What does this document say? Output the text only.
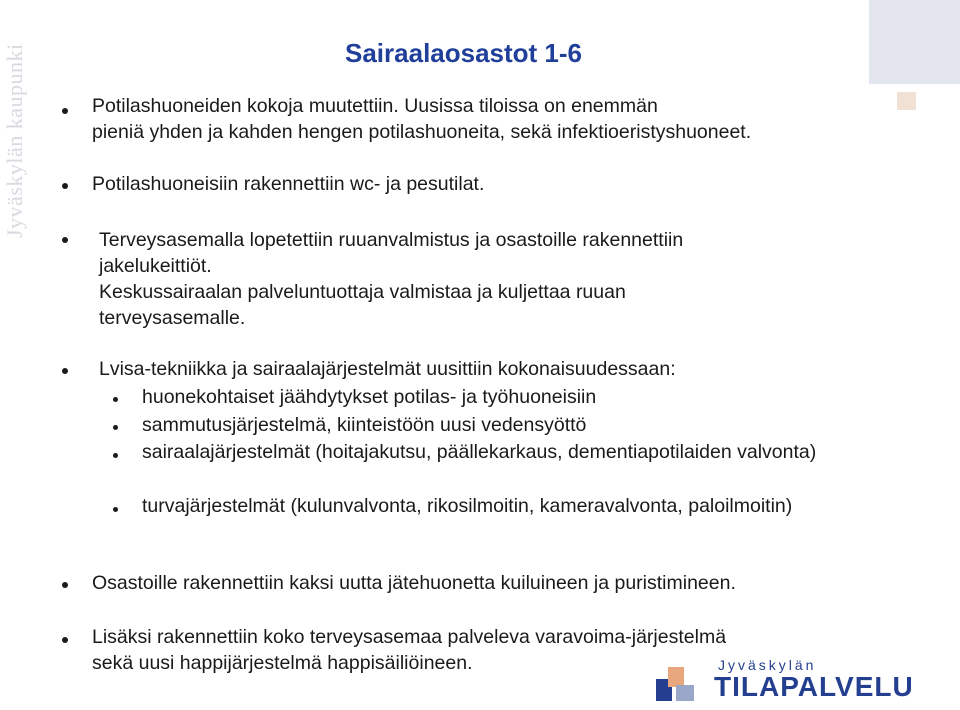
Jyväskylän kaupunki	Sairaalaosastot 1-6
Potilashuoneiden kokoja muutettiin. Uusissa tiloissa on enemmän
pieniä yhden ja kahden hengen potilashuoneita, sekä infektioeristyshuoneet.
Potilashuoneisiin rakennettiin wc- ja pesutilat.
Terveysasemalla lopetettiin ruuanvalmistus ja osastoille rakennettiin
jakelukeittiöt.
Keskussairaalan palveluntuottaja valmistaa ja kuljettaa ruuan
terveysasemalle.
Lvisa-tekniikka ja sairaalajärjestelmät uusittiin kokonaisuudessaan:
huonekohtaiset jäähdytykset potilas- ja työhuoneisiin
sammutusjärjestelmä, kiinteistöön uusi vedensyöttö
sairaalajärjestelmät (hoitajakutsu, päällekarkaus, dementiapotilaiden valvonta)
turvajärjestelmät (kulunvalvonta, rikosilmoitin, kameravalvonta, paloilmoitin)
Osastoille rakennettiin kaksi uutta jätehuonetta kuiluineen ja puristimineen.
Lisäksi rakennettiin koko terveysasemaa palveleva varavoima-järjestelmä
sekä uusi happijärjestelmä happisäiliöineen.	Jyväskylän
TILAPALVELU
